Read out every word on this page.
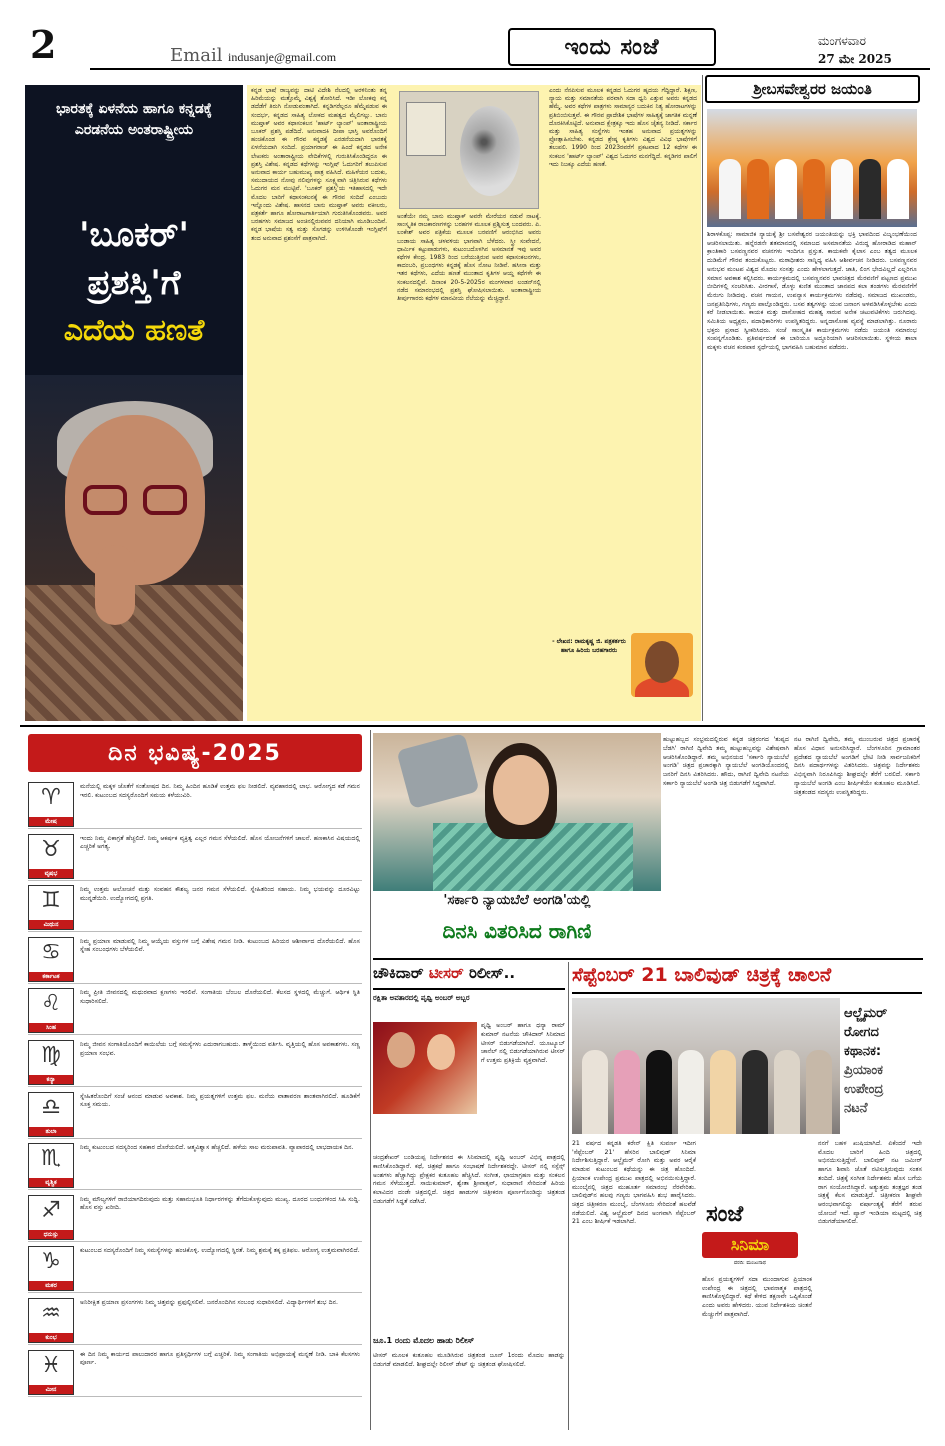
2	Email indusanje@gmail.com	ಇಂದು ಸಂಜೆ	ಮಂಗಳವಾರ
27 ಮೇ 2025
ಭಾರತಕ್ಕೆ ಏಳನೆಯ ಹಾಗೂ ಕನ್ನಡಕ್ಕೆ ಎರಡನೆಯ ಅಂತರಾಷ್ಟ್ರೀಯ
'ಬೂಕರ್'
ಪ್ರಶಸ್ತಿ'ಗೆ
ಎದೆಯ ಹಣತೆ
ಕನ್ನಡ ಭಾಷೆ ರಾಜ್ಯವನ್ನು ದಾಟಿ ವಿದೇಶಿ ನೆಲದಲ್ಲಿ ಅರಳಿನಿಂತು ತನ್ನ ಹಿರಿಮೆಯನ್ನು ಮತ್ತೊಮ್ಮೆ ವಿಶ್ವಕ್ಕೆ ತೋರಿಸಿದೆ. ಇಡೀ ಲೋಕವು ಕನ್ನ ಡದೆಡೆಗೆ ತಿರುಗಿ ನೋಡುವಂತಾಗಿದೆ. ಕನ್ನಡಿಗರೆಲ್ಲರೂ ಹೆಮ್ಮೆಪಡುವ ಈ ಸಂದರ್ಭ, ಕನ್ನಡದ ಸಾಹಿತ್ಯ ಲೋಕದ ಮಹತ್ವದ ಮೈಲಿಗಲ್ಲು. ಬಾನು ಮುಷ್ತಾಕ್ ಅವರ ಕಥಾಸಂಕಲನ 'ಹಾರ್ಟ್ ಲ್ಯಾಂಪ್' ಅಂತಾರಾಷ್ಟ್ರೀಯ ಬೂಕರ್ ಪ್ರಶಸ್ತಿ ಪಡೆದಿದೆ. ಅನುವಾದಕಿ ದೀಪಾ ಭಾಸ್ತಿ ಅವರೊಂದಿಗೆ ಹಂಚಿಕೊಂಡ ಈ ಗೌರವ ಕನ್ನಡಕ್ಕೆ ಎರಡನೆಯದಾಗಿ ಭಾರತಕ್ಕೆ ಏಳನೆಯದಾಗಿ ಸಂದಿದೆ. ಪ್ರಯಾಗರಾಜ್ ಈ ಹಿಂದೆ ಕನ್ನಡದ ಅನೇಕ ಲೇಖಕರು ಅಂತಾರಾಷ್ಟ್ರೀಯ ವೇದಿಕೆಗಳಲ್ಲಿ ಗುರುತಿಸಿಕೊಂಡಿದ್ದರೂ ಈ ಪ್ರಶಸ್ತಿ ವಿಶೇಷ. ಕನ್ನಡದ ಕಥೆಗಳನ್ನು ಇಂಗ್ಲಿಷ್ ಓದುಗರಿಗೆ ತಲುಪಿಸುವ ಅನುವಾದ ಕಾರ್ಯ ಬಹುಮುಖ್ಯ ಪಾತ್ರ ವಹಿಸಿದೆ. ಮಹಿಳೆಯರ ಬದುಕು, ಸಮುದಾಯದ ನೋವು ನಲಿವುಗಳನ್ನು ಸೂಕ್ಷ್ಮವಾಗಿ ಚಿತ್ರಿಸಿರುವ ಕಥೆಗಳು ಓದುಗರ ಮನ ಮುಟ್ಟಿವೆ. 'ಬೂಕರ್ ಪ್ರಶಸ್ತಿ'ಯ ಇತಿಹಾಸದಲ್ಲಿ ಇದೇ ಮೊದಲ ಬಾರಿಗೆ ಕಥಾಸಂಕಲನಕ್ಕೆ ಈ ಗೌರವ ಸಂದಿದೆ ಎಂಬುದು ಇನ್ನೊಂದು ವಿಶೇಷ. ಹಾಸನದ ಬಾನು ಮುಷ್ತಾಕ್ ಅವರು ವಕೀಲರು, ಪತ್ರಕರ್ತೆ ಹಾಗೂ ಹೋರಾಟಗಾರ್ತಿಯಾಗಿ ಗುರುತಿಸಿಕೊಂಡವರು. ಅವರ ಬರಹಗಳು ಸಮಾಜದ ಅಂಚಿನಲ್ಲಿರುವವರ ದನಿಯಾಗಿ ಮೂಡಿಬಂದಿವೆ. ಕನ್ನಡ ಭಾಷೆಯ ಸತ್ವ ಮತ್ತು ಸೊಗಡನ್ನು ಉಳಿಸಿಕೊಂಡೇ ಇಂಗ್ಲಿಷ್‌ಗೆ ತಂದ ಅನುವಾದ ಪ್ರಶಂಸೆಗೆ ಪಾತ್ರವಾಗಿದೆ.
ಅಂತೆಯೇ ನಮ್ಮ ಬಾನು ಮುಷ್ತಾಕ್ ಅವರೇ ಮೇರೆಯರ ನಡುವೆ ನಾಟಕ್ಕೆ. ಸಾಂಸ್ಕೃತಿಕ ರಾಜಕಾರಣಗಳನ್ನು ಬರಹಗಳ ಮೂಲಕ ಪ್ರಶ್ನಿಸುತ್ತ ಬಂದವರು. ಪಿ. ಲಂಕೇಶ್ ಅವರ ಪತ್ರಿಕೆಯ ಮೂಲಕ ಬರವಣಿಗೆ ಆರಂಭಿಸಿದ ಅವರು ಬಂಡಾಯ ಸಾಹಿತ್ಯ ಚಳವಳಿಯ ಭಾಗವಾಗಿ ಬೆಳೆದರು. ಸ್ತ್ರೀ ಸಂವೇದನೆ, ಧಾರ್ಮಿಕ ಕಟ್ಟುಪಾಡುಗಳು, ಕುಟುಂಬದೊಳಗಿನ ಅಸಮಾನತೆ ಇವು ಅವರ ಕಥೆಗಳ ಕೇಂದ್ರ. 1983 ರಿಂದ ಬರೆಯುತ್ತಿರುವ ಅವರ ಕಥಾಸಂಕಲನಗಳು, ಕಾದಂಬರಿ, ಪ್ರಬಂಧಗಳು ಕನ್ನಡಕ್ಕೆ ಹೊಸ ನೋಟ ನೀಡಿವೆ. ಹಸೀನಾ ಮತ್ತು ಇತರ ಕಥೆಗಳು, ಎದೆಯ ಹಣತೆ ಮುಂತಾದ ಕೃತಿಗಳ ಆಯ್ದ ಕಥೆಗಳೇ ಈ ಸಂಕಲನದಲ್ಲಿವೆ. ದಿನಾಂಕ 20-5-2025ರ ಮಂಗಳವಾರ ಲಂಡನ್‌ನಲ್ಲಿ ನಡೆದ ಸಮಾರಂಭದಲ್ಲಿ ಪ್ರಶಸ್ತಿ ಘೋಷಿಸಲಾಯಿತು. ಅಂತಾರಾಷ್ಟ್ರೀಯ ತೀರ್ಪುಗಾರರು ಕಥೆಗಳ ಮಾನವೀಯ ನೆಲೆಯನ್ನು ಮೆಚ್ಚಿದ್ದಾರೆ.
ಎಂದು ನೆನಪಿಸುವ ಮೂಲಕ ಕನ್ನಡದ ಓದುಗರ ಹೃದಯ ಗೆದ್ದಿದ್ದಾರೆ. ಶಿಕ್ಷಣ, ನ್ಯಾಯ ಮತ್ತು ಸಮಾನತೆಯ ಪರವಾಗಿ ಸದಾ ಧ್ವನಿ ಎತ್ತುವ ಅವರು ಕನ್ನಡದ ಹೆಮ್ಮೆ. ಅವರ ಕಥೆಗಳ ಪಾತ್ರಗಳು ಸಾಮಾನ್ಯರ ಬದುಕಿನ ನಿತ್ಯ ಹೋರಾಟಗಳನ್ನು ಪ್ರತಿಬಿಂಬಿಸುತ್ತವೆ. ಈ ಗೌರವ ಪ್ರಾದೇಶಿಕ ಭಾಷೆಗಳ ಸಾಹಿತ್ಯಕ್ಕೆ ಜಾಗತಿಕ ಮನ್ನಣೆ ದೊರಕಿಸಿಕೊಟ್ಟಿದೆ. ಅನುವಾದ ಕ್ಷೇತ್ರಕ್ಕೂ ಇದು ಹೊಸ ಚೈತನ್ಯ ನೀಡಿದೆ. ಸರ್ಕಾರ ಮತ್ತು ಸಾಹಿತ್ಯ ಸಂಸ್ಥೆಗಳು ಇಂತಹ ಅನುವಾದ ಪ್ರಯತ್ನಗಳನ್ನು ಪ್ರೋತ್ಸಾಹಿಸಬೇಕು. ಕನ್ನಡದ ಶ್ರೇಷ್ಠ ಕೃತಿಗಳು ವಿಶ್ವದ ವಿವಿಧ ಭಾಷೆಗಳಿಗೆ ತಲುಪಲಿ. 1990 ರಿಂದ 2023ರವರೆಗೆ ಪ್ರಕಟವಾದ 12 ಕಥೆಗಳ ಈ ಸಂಕಲನ 'ಹಾರ್ಟ್ ಲ್ಯಾಂಪ್' ವಿಶ್ವದ ಓದುಗರ ಮನಗೆದ್ದಿದೆ. ಕನ್ನಡಿಗರ ಪಾಲಿಗೆ ಇದು ನಿಜಕ್ಕೂ ಎದೆಯ ಹಣತೆ.
- ಲೇಖನ: ರಾಮಕೃಷ್ಣ ಜಿ. ಪತ್ರಕರ್ತರು ಹಾಗೂ ಹಿರಿಯ ಬರಹಗಾರರು
ಶ್ರೀಬಸವೇಶ್ವರರ ಜಯಂತಿ
ಶಿರಾಳಕೊಪ್ಪ: ಸಾಮಾಜಿಕ ನ್ಯಾಯಕ್ಕೆ ಶ್ರೀ ಬಸವೇಶ್ವರರ ಜಯಂತಿಯನ್ನು ಭಕ್ತಿ ಭಾವದಿಂದ ವಿಜೃಂಭಣೆಯಿಂದ ಆಚರಿಸಲಾಯಿತು. ಹನ್ನೆರಡನೇ ಶತಮಾನದಲ್ಲಿ ಸಮಾಜದ ಅಸಮಾನತೆಯ ವಿರುದ್ಧ ಹೋರಾಡಿದ ಮಹಾನ್ ಕ್ರಾಂತಿಕಾರಿ ಬಸವಣ್ಣನವರ ವಚನಗಳು ಇಂದಿಗೂ ಪ್ರಸ್ತುತ. ಕಾಯಕವೇ ಕೈಲಾಸ ಎಂಬ ತತ್ವದ ಮೂಲಕ ದುಡಿಮೆಗೆ ಗೌರವ ತಂದುಕೊಟ್ಟರು. ಮಠಾಧೀಶರು ಸಾನ್ನಿಧ್ಯ ವಹಿಸಿ ಆಶೀರ್ವಚನ ನೀಡಿದರು. ಬಸವಣ್ಣನವರ ಅನುಭವ ಮಂಟಪ ವಿಶ್ವದ ಮೊದಲ ಸಂಸತ್ತು ಎಂದು ಹೇಳಲಾಗುತ್ತದೆ. ಜಾತಿ, ಲಿಂಗ ಭೇದವಿಲ್ಲದೆ ಎಲ್ಲರಿಗೂ ಸಮಾನ ಅವಕಾಶ ಕಲ್ಪಿಸಿದರು. ಕಾರ್ಯಕ್ರಮದಲ್ಲಿ ಬಸವಣ್ಣನವರ ಭಾವಚಿತ್ರದ ಮೆರವಣಿಗೆ ಪಟ್ಟಣದ ಪ್ರಮುಖ ಬೀದಿಗಳಲ್ಲಿ ಸಂಚರಿಸಿತು. ವೀರಗಾಸೆ, ಡೊಳ್ಳು ಕುಣಿತ ಮುಂತಾದ ಜಾನಪದ ಕಲಾ ತಂಡಗಳು ಮೆರವಣಿಗೆಗೆ ಮೆರುಗು ನೀಡಿದವು. ವಚನ ಗಾಯನ, ಉಪನ್ಯಾಸ ಕಾರ್ಯಕ್ರಮಗಳು ನಡೆದವು. ಸಮಾಜದ ಮುಖಂಡರು, ಜನಪ್ರತಿನಿಧಿಗಳು, ಗಣ್ಯರು ಪಾಲ್ಗೊಂಡಿದ್ದರು. ಬಸವ ತತ್ವಗಳನ್ನು ಯುವ ಜನಾಂಗ ಅಳವಡಿಸಿಕೊಳ್ಳಬೇಕು ಎಂದು ಕರೆ ನೀಡಲಾಯಿತು. ಕಾಯಕ ಮತ್ತು ದಾಸೋಹದ ಮಹತ್ವ ಸಾರುವ ಅನೇಕ ಚಟುವಟಿಕೆಗಳು ಜರುಗಿದವು. ಸಮಿತಿಯ ಅಧ್ಯಕ್ಷರು, ಪದಾಧಿಕಾರಿಗಳು ಉಪಸ್ಥಿತರಿದ್ದರು. ಅನ್ನದಾಸೋಹ ವ್ಯವಸ್ಥೆ ಮಾಡಲಾಗಿತ್ತು. ನೂರಾರು ಭಕ್ತರು ಪ್ರಸಾದ ಸ್ವೀಕರಿಸಿದರು. ಸಂಜೆ ಸಾಂಸ್ಕೃತಿಕ ಕಾರ್ಯಕ್ರಮಗಳು ನಡೆದು ಜಯಂತಿ ಸಮಾರಂಭ ಸಂಪನ್ನಗೊಂಡಿತು. ಪ್ರತಿವರ್ಷದಂತೆ ಈ ಬಾರಿಯೂ ಅದ್ಧೂರಿಯಾಗಿ ಆಚರಿಸಲಾಯಿತು. ಸ್ಥಳೀಯ ಶಾಲಾ ಮಕ್ಕಳು ವಚನ ಕಂಠಪಾಠ ಸ್ಪರ್ಧೆಯಲ್ಲಿ ಭಾಗವಹಿಸಿ ಬಹುಮಾನ ಪಡೆದರು.
ದಿನ ಭವಿಷ್ಯ-2025
♈
ಮೇಷ
ಮನೆಯಲ್ಲಿ ಮಕ್ಕಳ ಜೊತೆಗೆ ಸಂತೋಷದ ದಿನ. ನಿಮ್ಮ ಹಿಂದಿನ ಹೂಡಿಕೆ ಉತ್ತಮ ಫಲ ನೀಡಲಿದೆ. ವ್ಯವಹಾರದಲ್ಲಿ ಲಾಭ. ಆರೋಗ್ಯದ ಕಡೆ ಗಮನ ಇರಲಿ. ಕುಟುಂಬದ ಸದಸ್ಯರೊಂದಿಗೆ ಸಮಯ ಕಳೆಯುವಿರಿ.
♉
ವೃಷಭ
ಇಂದು ನಿಮ್ಮ ಏಕಾಗ್ರತೆ ಹೆಚ್ಚಲಿದೆ. ನಿಮ್ಮ ಆಕರ್ಷಕ ವ್ಯಕ್ತಿತ್ವ ಎಲ್ಲರ ಗಮನ ಸೆಳೆಯಲಿದೆ. ಹೊಸ ಯೋಜನೆಗಳಿಗೆ ಚಾಲನೆ. ಹಣಕಾಸಿನ ವಿಷಯದಲ್ಲಿ ಎಚ್ಚರಿಕೆ ಅಗತ್ಯ.
♊
ಮಿಥುನ
ನಿಮ್ಮ ಉತ್ತಮ ಆಲೋಚನೆ ಮತ್ತು ಸಂವಹನ ಕೌಶಲ್ಯ ಜನರ ಗಮನ ಸೆಳೆಯಲಿದೆ. ಸ್ನೇಹಿತರಿಂದ ಸಹಾಯ. ನಿಮ್ಮ ಭಯವನ್ನು ದೂರವಿಟ್ಟು ಮುನ್ನಡೆಯಿರಿ. ಉದ್ಯೋಗದಲ್ಲಿ ಪ್ರಗತಿ.
♋
ಕರ್ಕಾಟಕ
ನಿಮ್ಮ ಪ್ರಯಾಣ ಮಾಡುವಲ್ಲಿ ನಿಮ್ಮ ಆಯ್ಕೆಯ ವಸ್ತುಗಳ ಬಗ್ಗೆ ವಿಶೇಷ ಗಮನ ನೀಡಿ. ಕುಟುಂಬದ ಹಿರಿಯರ ಆಶೀರ್ವಾದ ದೊರೆಯಲಿದೆ. ಹೊಸ ಸ್ನೇಹ ಸಂಬಂಧಗಳು ಬೆಳೆಯಲಿವೆ.
♌
ಸಿಂಹ
ನಿಮ್ಮ ಪ್ರೀತಿ ಜೀವನದಲ್ಲಿ ಮಧುರವಾದ ಕ್ಷಣಗಳು ಇರಲಿವೆ. ಸಂಗಾತಿಯ ಬೆಂಬಲ ದೊರೆಯಲಿದೆ. ಕೆಲಸದ ಸ್ಥಳದಲ್ಲಿ ಮೆಚ್ಚುಗೆ. ಆರ್ಥಿಕ ಸ್ಥಿತಿ ಸುಧಾರಿಸಲಿದೆ.
♍
ಕನ್ಯಾ
ನಿಮ್ಮ ಜೀವನ ಸಂಗಾತಿಯೊಂದಿಗೆ ಕಾಯಿಲೆಯ ಬಗ್ಗೆ ಸಮಸ್ಯೆಗಳು ಎದುರಾಗಬಹುದು. ತಾಳ್ಮೆಯಿಂದ ವರ್ತಿಸಿ. ವೃತ್ತಿಯಲ್ಲಿ ಹೊಸ ಅವಕಾಶಗಳು. ಸಣ್ಣ ಪ್ರಯಾಣ ಸಂಭವ.
♎
ತುಲಾ
ಸ್ನೇಹಿತರೊಂದಿಗೆ ಸಂಜೆ ಆನಂದ ಮಾಡುವ ಅವಕಾಶ. ನಿಮ್ಮ ಪ್ರಯತ್ನಗಳಿಗೆ ಉತ್ತಮ ಫಲ. ಮನೆಯ ವಾತಾವರಣ ಶಾಂತವಾಗಿರಲಿದೆ. ಹೂಡಿಕೆಗೆ ಸೂಕ್ತ ಸಮಯ.
♏
ವೃಶ್ಚಿಕ
ನಿಮ್ಮ ಕುಟುಂಬದ ಸದಸ್ಯರಿಂದ ಸಹಕಾರ ದೊರೆಯಲಿದೆ. ಆತ್ಮವಿಶ್ವಾಸ ಹೆಚ್ಚಲಿದೆ. ಹಳೆಯ ಸಾಲ ಮರುಪಾವತಿ. ವ್ಯಾಪಾರದಲ್ಲಿ ಲಾಭದಾಯಕ ದಿನ.
♐
ಧನುಸ್ಸು
ನಿಮ್ಮ ಮೌಲ್ಯಗಳಿಗೆ ರಾಜಿಯಾಗದಿರುವುದು ಮತ್ತು ಸಹಾನುಭೂತಿ ನಿರ್ಧಾರಗಳನ್ನು ತೆಗೆದುಕೊಳ್ಳುವುದು ಮುಖ್ಯ. ದೂರದ ಬಂಧುಗಳಿಂದ ಸಿಹಿ ಸುದ್ದಿ. ಹೊಸ ವಸ್ತು ಖರೀದಿ.
♑
ಮಕರ
ಕುಟುಂಬದ ಸದಸ್ಯರೊಂದಿಗೆ ನಿಮ್ಮ ಸಮಸ್ಯೆಗಳನ್ನು ಹಂಚಿಕೊಳ್ಳಿ. ಉದ್ಯೋಗದಲ್ಲಿ ಸ್ಥಿರತೆ. ನಿಮ್ಮ ಶ್ರಮಕ್ಕೆ ತಕ್ಕ ಪ್ರತಿಫಲ. ಆರೋಗ್ಯ ಉತ್ತಮವಾಗಿರಲಿದೆ.
♒
ಕುಂಭ
ಅನಿರೀಕ್ಷಿತ ಪ್ರಯಾಣ ಪ್ರಸಂಗಗಳು ನಿಮ್ಮ ಚಿತ್ತವನ್ನು ಪ್ರಫುಲ್ಲಿಸಲಿವೆ. ಜನರೊಂದಿಗಿನ ಸಂಬಂಧ ಸುಧಾರಿಸಲಿದೆ. ವಿದ್ಯಾರ್ಥಿಗಳಿಗೆ ಶುಭ ದಿನ.
♓
ಮೀನ
ಈ ದಿನ ನಿಮ್ಮ ಕಾರ್ಯದ ಪಾಲುದಾರರ ಹಾಗೂ ಪ್ರತಿಸ್ಪರ್ಧಿಗಳ ಬಗ್ಗೆ ಎಚ್ಚರಿಕೆ. ನಿಮ್ಮ ಸಂಗಾತಿಯ ಅಭಿಪ್ರಾಯಕ್ಕೆ ಮನ್ನಣೆ ನೀಡಿ. ಬಾಕಿ ಕೆಲಸಗಳು ಪೂರ್ಣ.
'ಸರ್ಕಾರಿ ನ್ಯಾಯಬೆಲೆ ಅಂಗಡಿ'ಯಲ್ಲಿ
ದಿನಸಿ ವಿತರಿಸಿದ ರಾಗಿಣಿ
ಹುಟ್ಟುಹಬ್ಬದ ಸಂಭ್ರಮದಲ್ಲಿರುವ ಕನ್ನಡ ಚಿತ್ರರಂಗದ 'ತುಪ್ಪದ ಬೆಡಗಿ' ರಾಗಿಣಿ ದ್ವಿವೇದಿ ತಮ್ಮ ಹುಟ್ಟುಹಬ್ಬವನ್ನು ವಿಶೇಷವಾಗಿ ಆಚರಿಸಿಕೊಂಡಿದ್ದಾರೆ. ತಮ್ಮ ಅಭಿನಯದ 'ಸರ್ಕಾರಿ ನ್ಯಾಯಬೆಲೆ ಅಂಗಡಿ' ಚಿತ್ರದ ಪ್ರಚಾರಕ್ಕಾಗಿ ನ್ಯಾಯಬೆಲೆ ಅಂಗಡಿಯೊಂದರಲ್ಲಿ ಜನರಿಗೆ ದಿನಸಿ ವಿತರಿಸಿದರು. ಹೌದು, ರಾಗಿಣಿ ದ್ವಿವೇದಿ ನಟನೆಯ ಸರ್ಕಾರಿ ನ್ಯಾಯಬೆಲೆ ಅಂಗಡಿ ಚಿತ್ರ ಬಿಡುಗಡೆಗೆ ಸಿದ್ಧವಾಗಿದೆ.
ನಟ ರಾಗಿಣಿ ದ್ವಿವೇದಿ, ತಮ್ಮ ಮುಂಬರುವ ಚಿತ್ರದ ಪ್ರಚಾರಕ್ಕೆ ಹೊಸ ವಿಧಾನ ಅನುಸರಿಸಿದ್ದಾರೆ. ಬೆಂಗಳೂರಿನ ಗ್ರಾಮಾಂತರ ಪ್ರದೇಶದ ನ್ಯಾಯಬೆಲೆ ಅಂಗಡಿಗೆ ಭೇಟಿ ನೀಡಿ ಸಾರ್ವಜನಿಕರಿಗೆ ದಿನಸಿ ಪದಾರ್ಥಗಳನ್ನು ವಿತರಿಸಿದರು. ಚಿತ್ರವನ್ನು ನಿರ್ದೇಶಕರು ವಿಭಿನ್ನವಾಗಿ ನಿರೂಪಿಸಿದ್ದು ಶೀಘ್ರದಲ್ಲೇ ತೆರೆಗೆ ಬರಲಿದೆ. ಸರ್ಕಾರಿ ನ್ಯಾಯಬೆಲೆ ಅಂಗಡಿ ಎಂಬ ಶೀರ್ಷಿಕೆಯೇ ಕುತೂಹಲ ಮೂಡಿಸಿದೆ. ಚಿತ್ರತಂಡದ ಸದಸ್ಯರು ಉಪಸ್ಥಿತರಿದ್ದರು.
ಚೌಕಿದಾರ್ ಟೀಸರ್ ರಿಲೀಸ್..
ರಕ್ಷಿತಾ ಅವತಾರದಲ್ಲಿ ಪೃಥ್ವಿ ಅಂಬರ್ ಅಬ್ಬರ
ಪೃಥ್ವಿ ಅಂಬರ್ ಹಾಗೂ ಧನ್ಯಾ ರಾಮ್ ಕುಮಾರ್ ನಟನೆಯ ಚೌಕಿದಾರ್ ಸಿನಿಮಾದ ಟೀಸರ್ ಬಿಡುಗಡೆಯಾಗಿದೆ. ಯೂಟ್ಯೂಬ್ ಚಾನೆಲ್ ನಲ್ಲಿ ಬಿಡುಗಡೆಯಾಗಿರುವ ಟೀಸರ್ ಗೆ ಉತ್ತಮ ಪ್ರತಿಕ್ರಿಯೆ ವ್ಯಕ್ತವಾಗಿದೆ.
ಚಂದ್ರಶೇಖರ್ ಬಂಡಿಯಪ್ಪ ನಿರ್ದೇಶನದ ಈ ಸಿನಿಮಾದಲ್ಲಿ ಪೃಥ್ವಿ ಅಂಬರ್ ವಿಭಿನ್ನ ಪಾತ್ರದಲ್ಲಿ ಕಾಣಿಸಿಕೊಂಡಿದ್ದಾರೆ. ಕಥೆ, ಚಿತ್ರಕಥೆ ಹಾಗೂ ಸಂಭಾಷಣೆ ನಿರ್ದೇಶಕರದ್ದೇ. ಟೀಸರ್ ನಲ್ಲಿ ಸಸ್ಪೆನ್ಸ್ ಅಂಶಗಳು ಹೆಚ್ಚಾಗಿದ್ದು ಪ್ರೇಕ್ಷಕರ ಕುತೂಹಲ ಹೆಚ್ಚಿಸಿದೆ. ಸಂಗೀತ, ಛಾಯಾಗ್ರಹಣ ಮತ್ತು ಸಂಕಲನ ಗಮನ ಸೆಳೆಯುತ್ತದೆ. ಸಾಯಿಕುಮಾರ್, ಶ್ವೇತಾ ಶ್ರೀವಾತ್ಸವ್, ಸುಧಾರಾಣಿ ಸೇರಿದಂತೆ ಹಿರಿಯ ಕಲಾವಿದರ ದಂಡೇ ಚಿತ್ರದಲ್ಲಿದೆ. ಚಿತ್ರದ ಹಾಡುಗಳ ಚಿತ್ರೀಕರಣ ಪೂರ್ಣಗೊಂಡಿದ್ದು ಚಿತ್ರತಂಡ ಬಿಡುಗಡೆಗೆ ಸಿದ್ಧತೆ ನಡೆಸಿದೆ.
ಜೂ.1 ರಂದು ಮೊದಲ ಹಾಡು ರಿಲೀಸ್
ಟೀಸರ್ ಮೂಲಕ ಕುತೂಹಲ ಮೂಡಿಸಿರುವ ಚಿತ್ರತಂಡ ಜೂನ್ 1ರಂದು ಮೊದಲ ಹಾಡನ್ನು ಬಿಡುಗಡೆ ಮಾಡಲಿದೆ. ಶೀಘ್ರದಲ್ಲೇ ರಿಲೀಸ್ ಡೇಟ್ ನ್ನು ಚಿತ್ರತಂಡ ಘೋಷಿಸಲಿದೆ.
ಸೆಪ್ಟೆಂಬರ್ 21 ಬಾಲಿವುಡ್ ಚಿತ್ರಕ್ಕೆ ಚಾಲನೆ
ಆಲ್ಜೈಮರ್
ರೋಗದ
ಕಥಾನಕ:
ಪ್ರಿಯಾಂಕ
ಉಪೇಂದ್ರ
ನಟನೆ
21 ವರ್ಷದ ಕನ್ನಡತಿ ಕರೇನ್ ಕ್ಷಿತಿ ಸುವರ್ಣ ಇದೀಗ 'ಸೆಪ್ಟೆಂಬರ್ 21' ಹೆಸರಿನ ಬಾಲಿವುಡ್ ಸಿನಿಮಾ ನಿರ್ದೇಶಿಸುತ್ತಿದ್ದಾರೆ. ಆಲ್ಜೈಮರ್ ರೋಗಿ ಮತ್ತು ಅವರ ಆರೈಕೆ ಮಾಡುವ ಕುಟುಂಬದ ಕಥೆಯನ್ನು ಈ ಚಿತ್ರ ಹೊಂದಿದೆ. ಪ್ರಿಯಾಂಕ ಉಪೇಂದ್ರ ಪ್ರಮುಖ ಪಾತ್ರದಲ್ಲಿ ಅಭಿನಯಿಸುತ್ತಿದ್ದಾರೆ. ಮುಂಬೈನಲ್ಲಿ ಚಿತ್ರದ ಮುಹೂರ್ತ ಸಮಾರಂಭ ನೆರವೇರಿತು. ಬಾಲಿವುಡ್‌ನ ಹಲವು ಗಣ್ಯರು ಭಾಗವಹಿಸಿ ಶುಭ ಹಾರೈಸಿದರು. ಚಿತ್ರದ ಚಿತ್ರೀಕರಣ ಮುಂಬೈ, ಬೆಂಗಳೂರು ಸೇರಿದಂತೆ ಹಲವೆಡೆ ನಡೆಯಲಿದೆ. ವಿಶ್ವ ಆಲ್ಜೈಮರ್ ದಿನದ ಅಂಗವಾಗಿ ಸೆಪ್ಟೆಂಬರ್ 21 ಎಂಬ ಶೀರ್ಷಿಕೆ ಇಡಲಾಗಿದೆ.
ಹೊಸ ಪ್ರಯತ್ನಗಳಿಗೆ ಸದಾ ಮುಂದಾಗುವ ಪ್ರಿಯಾಂಕ ಉಪೇಂದ್ರ ಈ ಚಿತ್ರದಲ್ಲಿ ಭಾವನಾತ್ಮಕ ಪಾತ್ರದಲ್ಲಿ ಕಾಣಿಸಿಕೊಳ್ಳಲಿದ್ದಾರೆ. ಕಥೆ ಕೇಳಿದ ತಕ್ಷಣವೇ ಒಪ್ಪಿಕೊಂಡೆ ಎಂದು ಅವರು ಹೇಳಿದರು. ಯುವ ನಿರ್ದೇಶಕಿಯ ಚಿಂತನೆ ಮೆಚ್ಚುಗೆಗೆ ಪಾತ್ರವಾಗಿದೆ.
ಸಂಜೆ
ಸಿನಿಮಾ
ವರದಿ: ಮಂಜುನಾಥ
ನನಗೆ ಬಹಳ ಖುಷಿಯಾಗಿದೆ. ಏಕೆಂದರೆ ಇದೇ ಮೊದಲ ಬಾರಿಗೆ ಹಿಂದಿ ಚಿತ್ರದಲ್ಲಿ ಅಭಿನಯಿಸುತ್ತಿದ್ದೇನೆ. ಬಾಲಿವುಡ್ ನಟ ಜಮೀರ್ ಹಾಗೂ ಶಿವಾನಿ ಜೊತೆ ನಟಿಸುತ್ತಿರುವುದು ಸಂತಸ ತಂದಿದೆ. ಚಿತ್ರಕ್ಕೆ ಸಂಗೀತ ನಿರ್ದೇಶಕರು ಹೊಸ ಬಗೆಯ ರಾಗ ಸಂಯೋಜಿಸಿದ್ದಾರೆ. ಅತ್ಯುತ್ತಮ ತಂತ್ರಜ್ಞರ ತಂಡ ಚಿತ್ರಕ್ಕೆ ಕೆಲಸ ಮಾಡುತ್ತಿದೆ. ಚಿತ್ರೀಕರಣ ಶೀಘ್ರವೇ ಆರಂಭವಾಗಲಿದ್ದು ವರ್ಷಾಂತ್ಯಕ್ಕೆ ತೆರೆಗೆ ತರುವ ಯೋಜನೆ ಇದೆ. ಪ್ಯಾನ್ ಇಂಡಿಯಾ ಮಟ್ಟದಲ್ಲಿ ಚಿತ್ರ ಬಿಡುಗಡೆಯಾಗಲಿದೆ.
